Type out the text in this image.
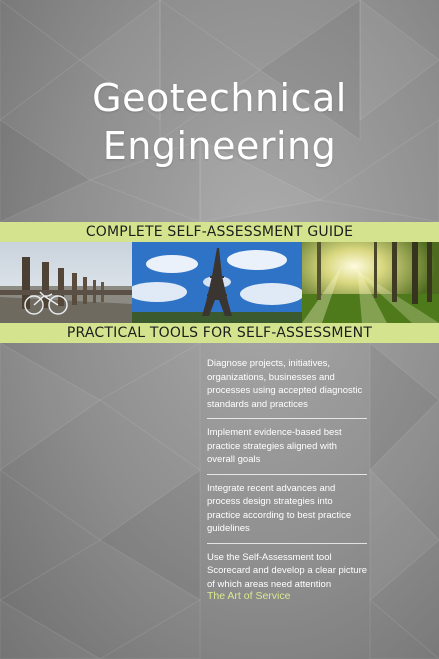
Geotechnical
Engineering
COMPLETE SELF-ASSESSMENT GUIDE
PRACTICAL TOOLS FOR SELF-ASSESSMENT
Diagnose projects, initiatives, organizations, businesses and processes using accepted diagnostic standards and practices
Implement evidence-based best practice strategies aligned with overall goals
Integrate recent advances and process design strategies into practice according to best practice guidelines
Use the Self-Assessment tool Scorecard and develop a clear picture of which areas need attention
The Art of Service
